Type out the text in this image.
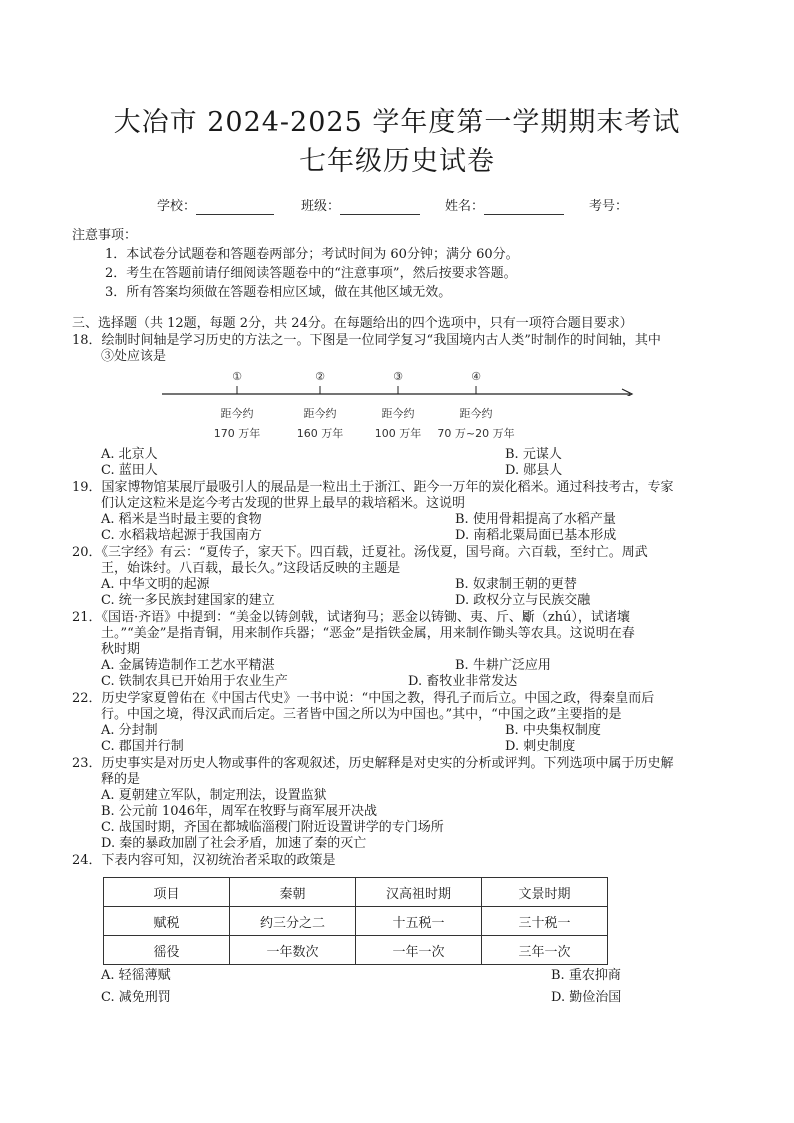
大冶市 2024-2025 学年度第一学期期末考试
七年级历史试卷
学校：	班级：	姓名：	考号：
注意事项：
1．本试卷分试题卷和答题卷两部分；考试时间为 60分钟；满分 60分。
2．考生在答题前请仔细阅读答题卷中的“注意事项”，然后按要求答题。
3．所有答案均须做在答题卷相应区域，做在其他区域无效。
三、选择题（共 12题，每题 2分，共 24分。在每题给出的四个选项中，只有一项符合题目要求）
18．绘制时间轴是学习历史的方法之一。下图是一位同学复习“我国境内古人类”时制作的时间轴，其中
③处应该是
①	②	③	④
距今约	距今约	距今约	距今约
170 万年	160 万年	100 万年	70 万~20 万年
A. 北京人	B. 元谋人
C. 蓝田人	D. 郧县人
19．国家博物馆某展厅最吸引人的展品是一粒出土于浙江、距今一万年的炭化稻米。通过科技考古，专家
们认定这粒米是迄今考古发现的世界上最早的栽培稻米。这说明
A. 稻米是当时最主要的食物	B. 使用骨耜提高了水稻产量
C. 水稻栽培起源于我国南方	D. 南稻北粟局面已基本形成
20．《三字经》有云：“夏传子，家天下。四百载，迁夏社。汤伐夏，国号商。六百载，至纣亡。周武
王，始诛纣。八百载，最长久。”这段话反映的主题是
A. 中华文明的起源	B. 奴隶制王朝的更替
C. 统一多民族封建国家的建立	D. 政权分立与民族交融
21．《国语·齐语》中提到：“美金以铸剑戟，试诸狗马；恶金以铸锄、夷、斤、斸（zhú），试诸壤
土。”“美金”是指青铜，用来制作兵器；“恶金”是指铁金属，用来制作锄头等农具。这说明在春
秋时期
A. 金属铸造制作工艺水平精湛	B. 牛耕广泛应用
C. 铁制农具已开始用于农业生产	D. 畜牧业非常发达
22．历史学家夏曾佑在《中国古代史》一书中说：“中国之教，得孔子而后立。中国之政，得秦皇而后
行。中国之境，得汉武而后定。三者皆中国之所以为中国也。”其中，“中国之政”主要指的是
A. 分封制	B. 中央集权制度
C. 郡国并行制	D. 刺史制度
23．历史事实是对历史人物或事件的客观叙述，历史解释是对史实的分析或评判。下列选项中属于历史解
释的是
A. 夏朝建立军队，制定刑法，设置监狱
B. 公元前 1046年，周军在牧野与商军展开决战
C. 战国时期，齐国在都城临淄稷门附近设置讲学的专门场所
D. 秦的暴政加剧了社会矛盾，加速了秦的灭亡
24．下表内容可知，汉初统治者采取的政策是
项目	秦朝	汉高祖时期	文景时期
赋税	约三分之二	十五税一	三十税一
徭役	一年数次	一年一次	三年一次
A. 轻徭薄赋	B. 重农抑商
C. 减免刑罚	D. 勤俭治国
